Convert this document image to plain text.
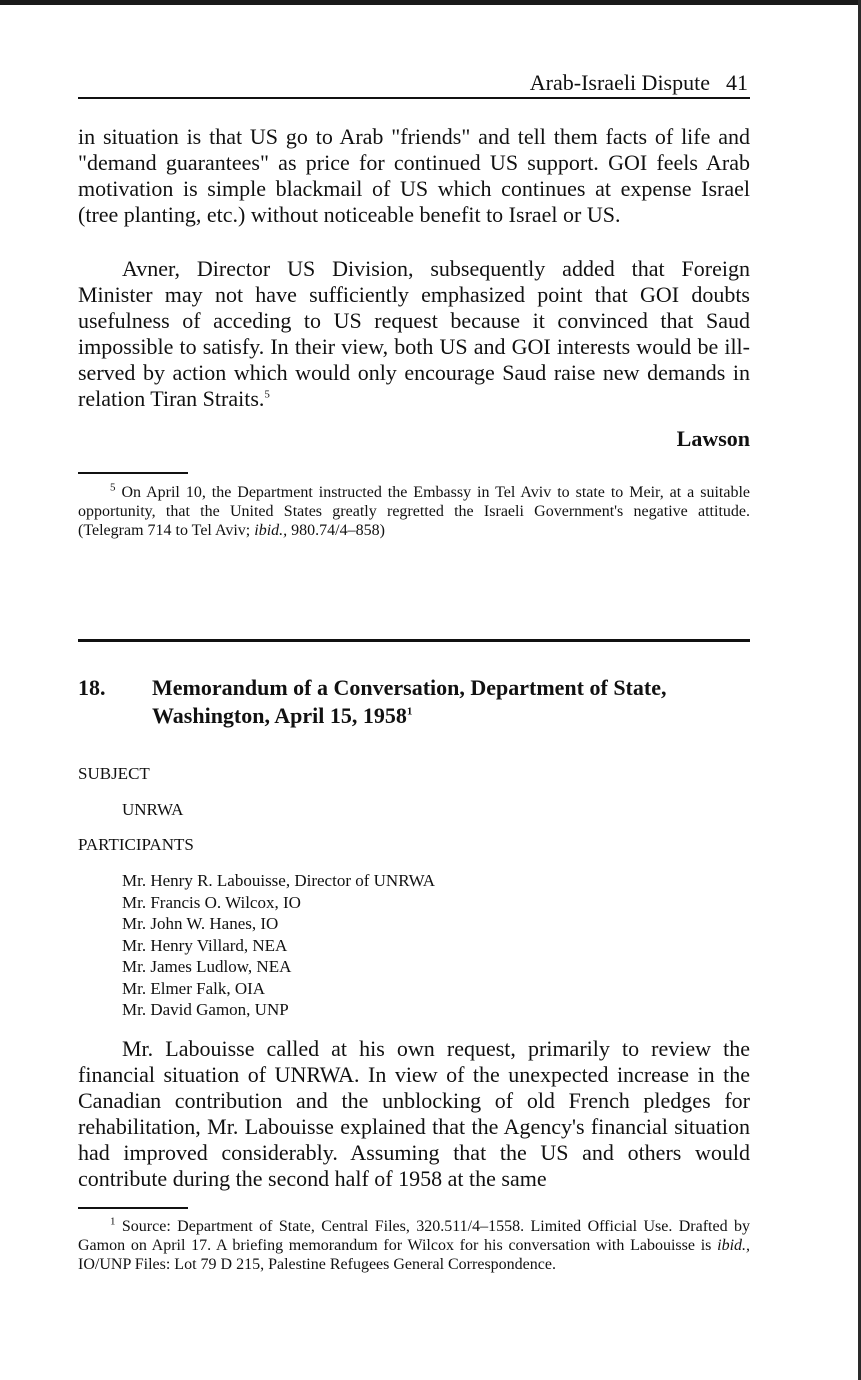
Arab-Israeli Dispute 41
in situation is that US go to Arab "friends" and tell them facts of life and "demand guarantees" as price for continued US support. GOI feels Arab motivation is simple blackmail of US which continues at expense Israel (tree planting, etc.) without noticeable benefit to Israel or US.
Avner, Director US Division, subsequently added that Foreign Minister may not have sufficiently emphasized point that GOI doubts usefulness of acceding to US request because it convinced that Saud impossible to satisfy. In their view, both US and GOI interests would be ill-served by action which would only encourage Saud raise new demands in relation Tiran Straits.$^5$
Lawson
$^5$ On April 10, the Department instructed the Embassy in Tel Aviv to state to Meir, at a suitable opportunity, that the United States greatly regretted the Israeli Government's negative attitude. (Telegram 714 to Tel Aviv; ibid., 980.74/4–858)
18. Memorandum of a Conversation, Department of State, Washington, April 15, 1958$^1$
SUBJECT
UNRWA
PARTICIPANTS
Mr. Henry R. Labouisse, Director of UNRWA
Mr. Francis O. Wilcox, IO
Mr. John W. Hanes, IO
Mr. Henry Villard, NEA
Mr. James Ludlow, NEA
Mr. Elmer Falk, OIA
Mr. David Gamon, UNP
Mr. Labouisse called at his own request, primarily to review the financial situation of UNRWA. In view of the unexpected increase in the Canadian contribution and the unblocking of old French pledges for rehabilitation, Mr. Labouisse explained that the Agency's financial situation had improved considerably. Assuming that the US and others would contribute during the second half of 1958 at the same
$^1$ Source: Department of State, Central Files, 320.511/4–1558. Limited Official Use. Drafted by Gamon on April 17. A briefing memorandum for Wilcox for his conversation with Labouisse is ibid., IO/UNP Files: Lot 79 D 215, Palestine Refugees General Correspondence.
